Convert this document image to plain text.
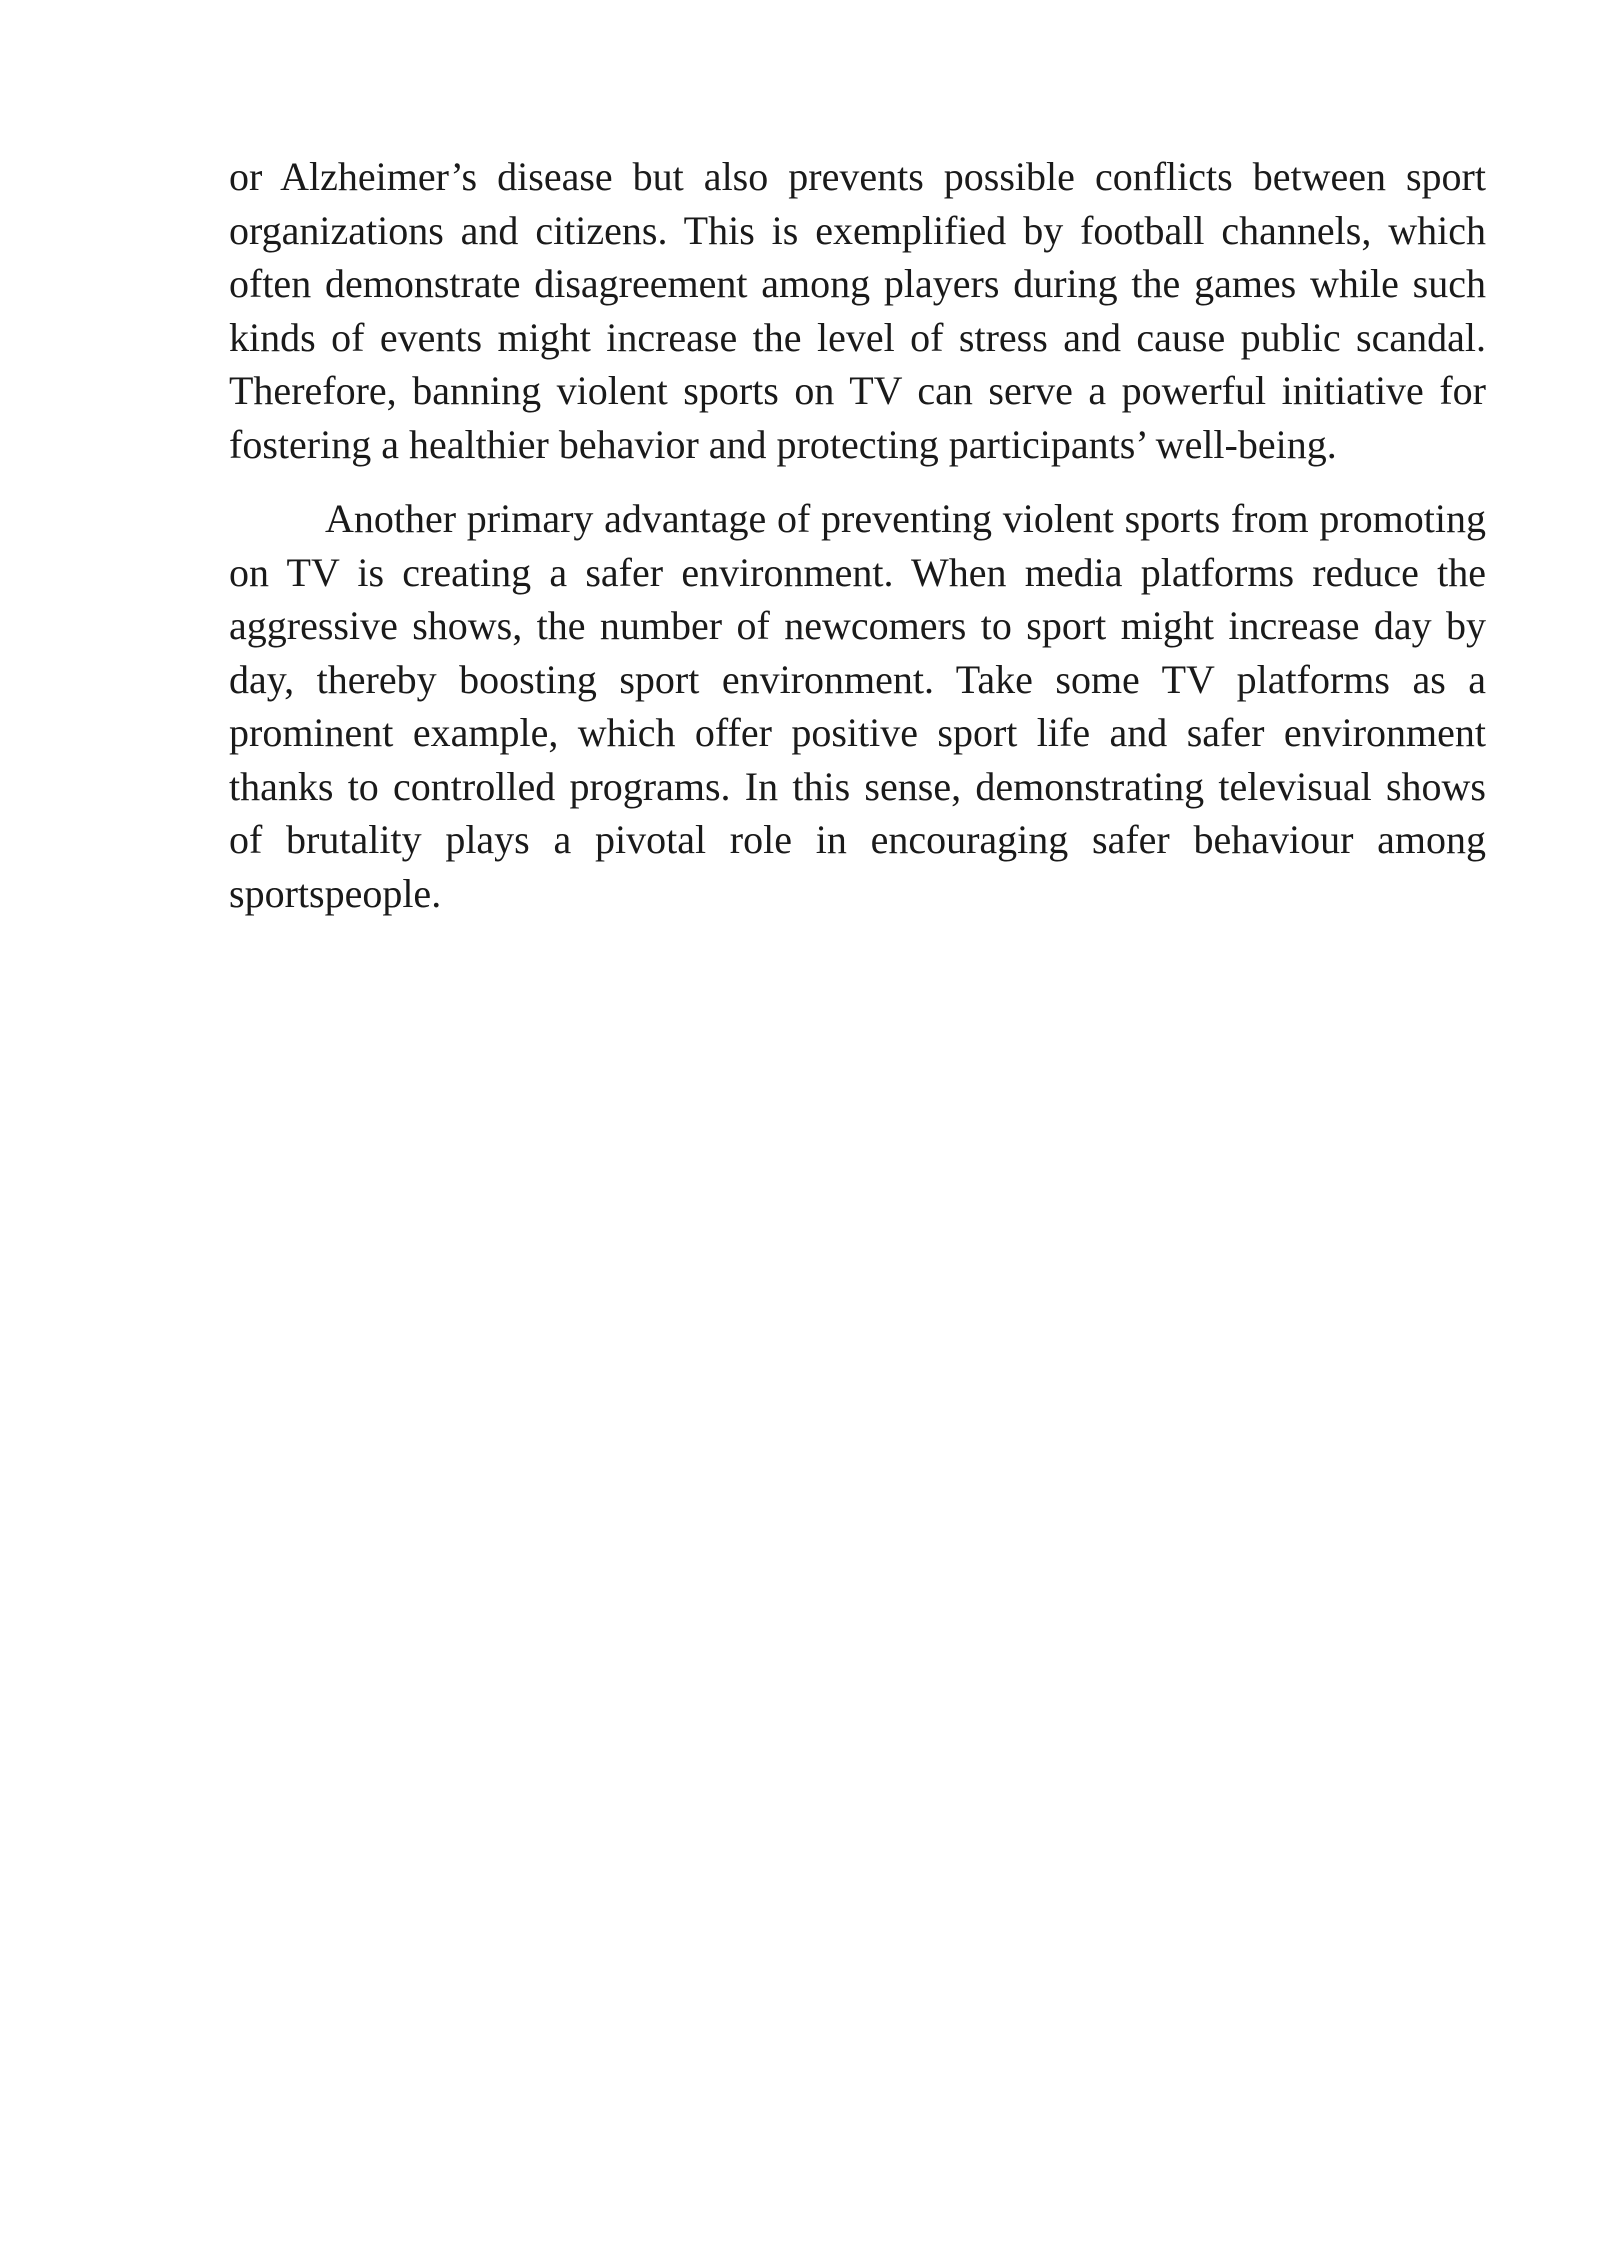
or Alzheimer’s disease but also prevents possible conflicts between sport organizations and citizens. This is exemplified by football channels, which often demonstrate disagreement among players during the games while such kinds of events might increase the level of stress and cause public scandal. Therefore, banning violent sports on TV can serve a powerful initiative for fostering a healthier behavior and protecting participants’ well-being.

Another primary advantage of preventing violent sports from promoting on TV is creating a safer environment. When media platforms reduce the aggressive shows, the number of newcomers to sport might increase day by day, thereby boosting sport environment. Take some TV platforms as a prominent example, which offer positive sport life and safer environment thanks to controlled programs. In this sense, demonstrating televisual shows of brutality plays a pivotal role in encouraging safer behaviour among sportspeople.
